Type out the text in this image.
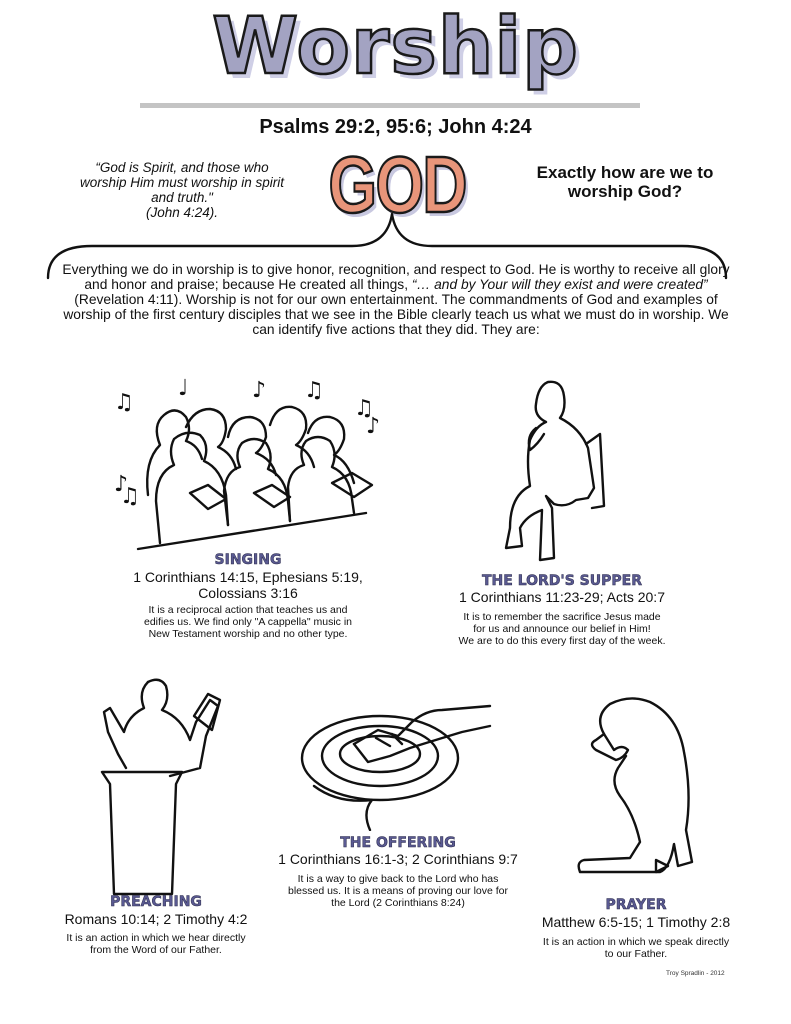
Worship
Psalms 29:2, 95:6; John 4:24
“God is Spirit, and those who
worship Him must worship in spirit
and truth."
(John 4:24).	GOD	Exactly how are we to
worship God?
Everything we do in worship is to give honor, recognition, and respect to God. He is worthy to receive all glory and honor and praise; because He created all things, “… and by Your will they exist and were created” (Revelation 4:11). Worship is not for our own entertainment. The commandments of God and examples of worship of the first century disciples that we see in the Bible clearly teach us what we must do in worship. We can identify five actions that they did. They are:
♫
♩	♪ ♫
♫
♪
♪
♫
SINGING
1 Corinthians 14:15, Ephesians 5:19,
Colossians 3:16
It is a reciprocal action that teaches us and
edifies us. We find only "A cappella" music in
New Testament worship and no other type.
THE LORD'S SUPPER
1 Corinthians 11:23-29; Acts 20:7
It is to remember the sacrifice Jesus made
for us and announce our belief in Him!
We are to do this every first day of the week.
PREACHING
Romans 10:14; 2 Timothy 4:2
It is an action in which we hear directly
from the Word of our Father.
THE OFFERING
1 Corinthians 16:1-3; 2 Corinthians 9:7
It is a way to give back to the Lord who has
blessed us. It is a means of proving our love for
the Lord (2 Corinthians 8:24)	PRAYER
Matthew 6:5-15; 1 Timothy 2:8
It is an action in which we speak directly
to our Father.
Troy Spradlin - 2012
